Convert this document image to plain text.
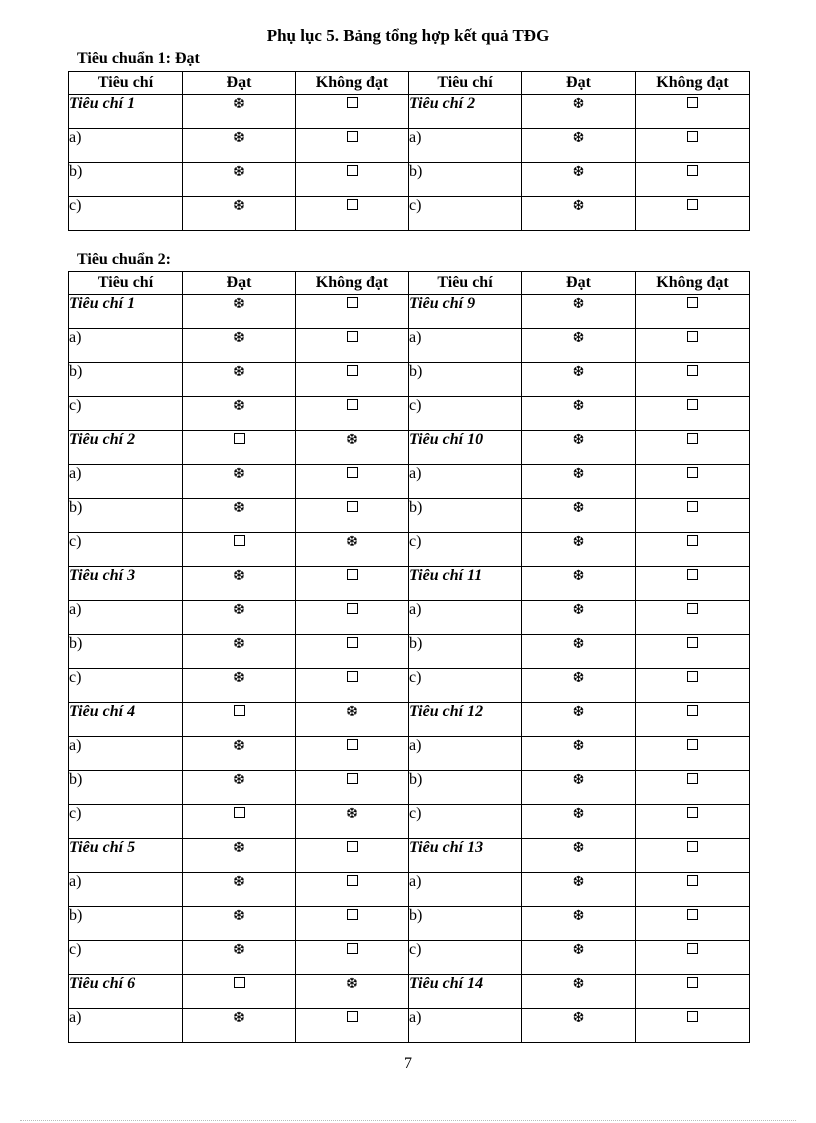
Phụ lục 5. Bảng tổng hợp kết quả TĐG
Tiêu chuẩn 1: Đạt
Tiêu chí	Đạt	Không đạt	Tiêu chí	Đạt	Không đạt
Tiêu chí 1	❆		Tiêu chí 2	❆	
a)	❆		a)	❆	
b)	❆		b)	❆	
c)	❆		c)	❆	
Tiêu chuẩn 2:
Tiêu chí	Đạt	Không đạt	Tiêu chí	Đạt	Không đạt
Tiêu chí 1	❆		Tiêu chí 9	❆	
a)	❆		a)	❆	
b)	❆		b)	❆	
c)	❆		c)	❆	
Tiêu chí 2		❆	Tiêu chí 10	❆	
a)	❆		a)	❆	
b)	❆		b)	❆	
c)		❆	c)	❆	
Tiêu chí 3	❆		Tiêu chí 11	❆	
a)	❆		a)	❆	
b)	❆		b)	❆	
c)	❆		c)	❆	
Tiêu chí 4		❆	Tiêu chí 12	❆	
a)	❆		a)	❆	
b)	❆		b)	❆	
c)		❆	c)	❆	
Tiêu chí 5	❆		Tiêu chí 13	❆	
a)	❆		a)	❆	
b)	❆		b)	❆	
c)	❆		c)	❆	
Tiêu chí 6		❆	Tiêu chí 14	❆	
a)	❆		a)	❆	
7
